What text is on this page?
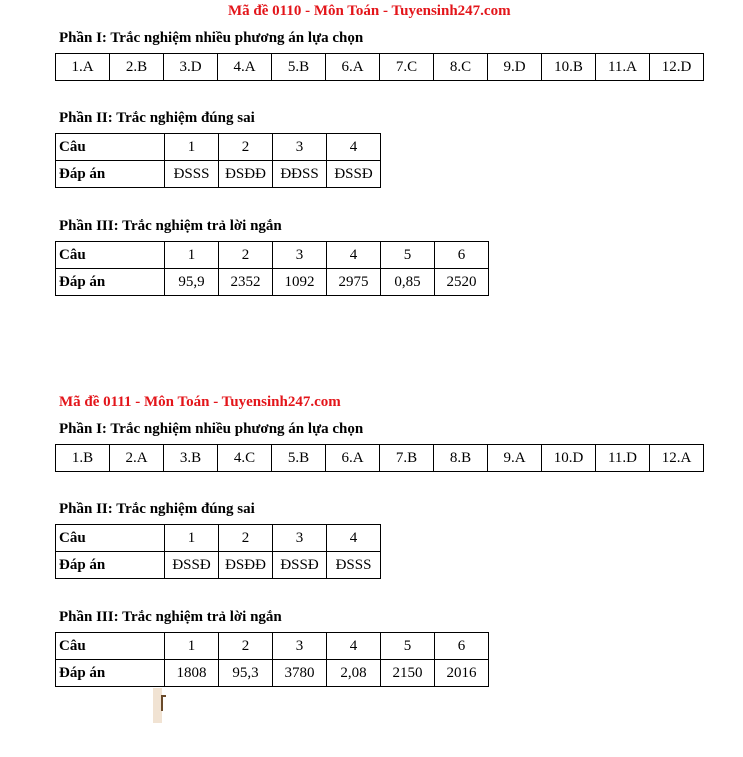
Mã đề 0110 - Môn Toán - Tuyensinh247.com
Phần I: Trắc nghiệm nhiều phương án lựa chọn
1.A	2.B	3.D	4.A	5.B	6.A	7.C	8.C	9.D	10.B	11.A	12.D
Phần II: Trắc nghiệm đúng sai
Câu	1	2	3	4
Đáp án	ĐSSS	ĐSĐĐ	ĐĐSS	ĐSSĐ
Phần III: Trắc nghiệm trả lời ngắn
Câu	1	2	3	4	5	6
Đáp án	95,9	2352	1092	2975	0,85	2520
Mã đề 0111 - Môn Toán - Tuyensinh247.com
Phần I: Trắc nghiệm nhiều phương án lựa chọn
1.B	2.A	3.B	4.C	5.B	6.A	7.B	8.B	9.A	10.D	11.D	12.A
Phần II: Trắc nghiệm đúng sai
Câu	1	2	3	4
Đáp án	ĐSSĐ	ĐSĐĐ	ĐSSĐ	ĐSSS
Phần III: Trắc nghiệm trả lời ngắn
Câu	1	2	3	4	5	6
Đáp án	1808	95,3	3780	2,08	2150	2016
